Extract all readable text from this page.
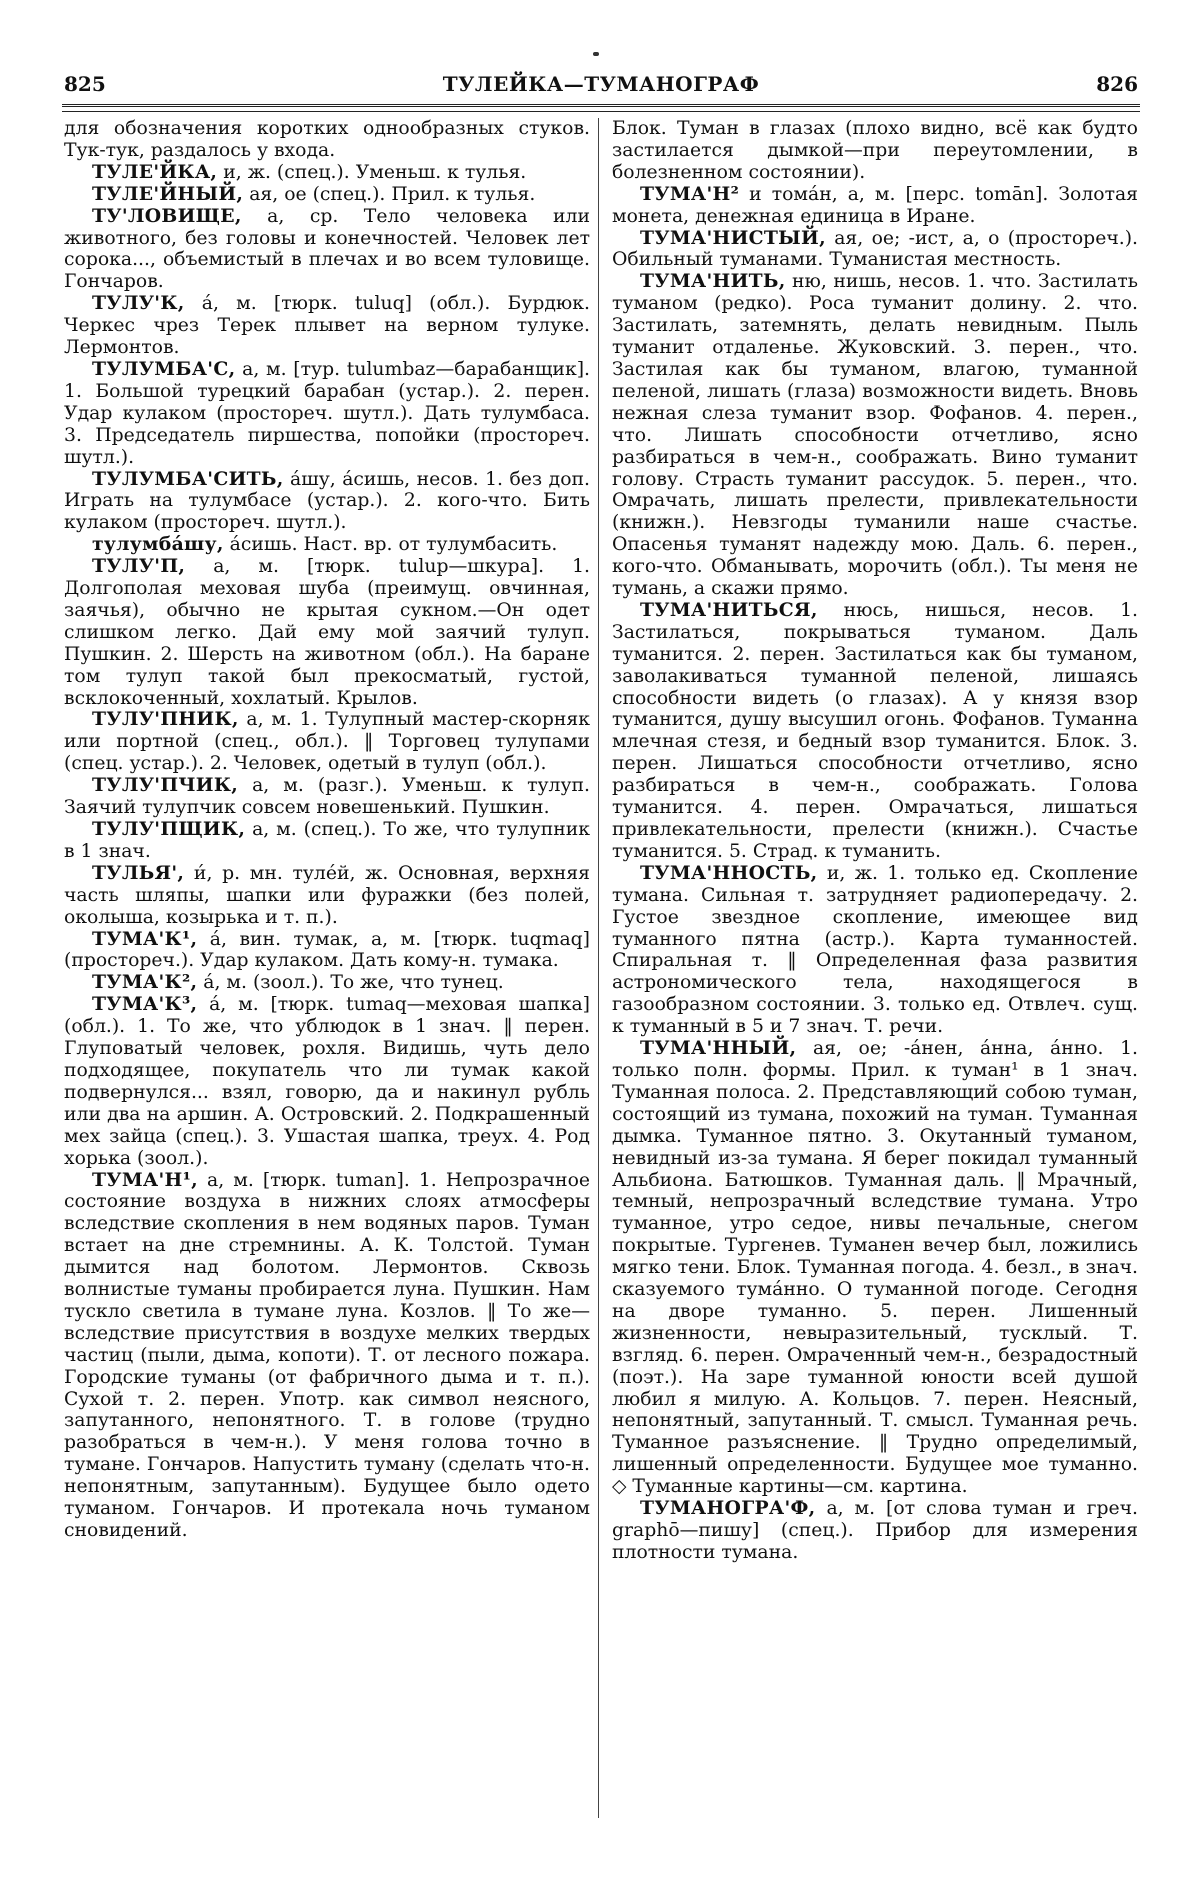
825	ТУЛЕЙКА—ТУМАНОГРАФ	826

для обозначения коротких однообразных стуков. Тук-тук, раздалось у входа.

ТУЛЕ'ЙКА, и, ж. (спец.). Уменьш. к тулья.

ТУЛЕ'ЙНЫЙ, ая, ое (спец.). Прил. к тулья.

ТУ'ЛОВИЩЕ, а, ср. Тело человека или животного, без головы и конечностей. Человек лет сорока..., объемистый в плечах и во всем туловище. Гончаров.

ТУЛУ'К, á, м. [тюрк. tuluq] (обл.). Бурдюк. Черкес чрез Терек плывет на верном тулуке. Лермонтов.

ТУЛУМБА'С, а, м. [тур. tulumbaz—барабанщик]. 1. Большой турецкий барабан (устар.). 2. перен. Удар кулаком (простореч. шутл.). Дать тулумбаса. 3. Председатель пиршества, попойки (простореч. шутл.).

ТУЛУМБА'СИТЬ, áшу, áсишь, несов. 1. без доп. Играть на тулумбасе (устар.). 2. кого-что. Бить кулаком (простореч. шутл.).

тулумбáшу, áсишь. Наст. вр. от тулумбасить.

ТУЛУ'П, а, м. [тюрк. tulup—шкура]. 1. Долгополая меховая шуба (преимущ. овчинная, заячья), обычно не крытая сукном.—Он одет слишком легко. Дай ему мой заячий тулуп. Пушкин. 2. Шерсть на животном (обл.). На баране том тулуп такой был прекосматый, густой, всклокоченный, хохлатый. Крылов.

ТУЛУ'ПНИК, а, м. 1. Тулупный мастер-скорняк или портной (спец., обл.). ‖ Торговец тулупами (спец. устар.). 2. Человек, одетый в тулуп (обл.).

ТУЛУ'ПЧИК, а, м. (разг.). Уменьш. к тулуп. Заячий тулупчик совсем новешенький. Пушкин.

ТУЛУ'ПЩИК, а, м. (спец.). То же, что тулупник в 1 знач.

ТУЛЬЯ', и́, р. мн. тулéй, ж. Основная, верхняя часть шляпы, шапки или фуражки (без полей, околыша, козырька и т. п.).

ТУМА'К¹, á, вин. тумак, а, м. [тюрк. tuqmaq] (простореч.). Удар кулаком. Дать кому-н. тумака.

ТУМА'К², á, м. (зоол.). То же, что тунец.

ТУМА'К³, á, м. [тюрк. tumaq—меховая шапка] (обл.). 1. То же, что ублюдок в 1 знач. ‖ перен. Глуповатый человек, рохля. Видишь, чуть дело подходящее, покупатель что ли тумак какой подвернулся... взял, говорю, да и накинул рубль или два на аршин. А. Островский. 2. Подкрашенный мех зайца (спец.). 3. Ушастая шапка, треух. 4. Род хорька (зоол.).

ТУМА'Н¹, а, м. [тюрк. tuman]. 1. Непрозрачное состояние воздуха в нижних слоях атмосферы вследствие скопления в нем водяных паров. Туман встает на дне стремнины. А. К. Толстой. Туман дымится над болотом. Лермонтов. Сквозь волнистые туманы пробирается луна. Пушкин. Нам тускло светила в тумане луна. Козлов. ‖ То же—вследствие присутствия в воздухе мелких твердых частиц (пыли, дыма, копоти). Т. от лесного пожара. Городские туманы (от фабричного дыма и т. п.). Сухой т. 2. перен. Употр. как символ неясного, запутанного, непонятного. Т. в голове (трудно разобраться в чем-н.). У меня голова точно в тумане. Гончаров. Напустить туману (сделать что-н. непонятным, запутанным). Будущее было одето туманом. Гончаров. И протекала ночь туманом сновидений.

Блок. Туман в глазах (плохо видно, всё как будто застилается дымкой—при переутомлении, в болезненном состоянии).

ТУМА'Н² и томáн, а, м. [перс. tomān]. Золотая монета, денежная единица в Иране.

ТУМА'НИСТЫЙ, ая, ое; -ист, а, о (простореч.). Обильный туманами. Туманистая местность.

ТУМА'НИТЬ, ню, нишь, несов. 1. что. Застилать туманом (редко). Роса туманит долину. 2. что. Застилать, затемнять, делать невидным. Пыль туманит отдаленье. Жуковский. 3. перен., что. Застилая как бы туманом, влагою, туманной пеленой, лишать (глаза) возможности видеть. Вновь нежная слеза туманит взор. Фофанов. 4. перен., что. Лишать способности отчетливо, ясно разбираться в чем-н., соображать. Вино туманит голову. Страсть туманит рассудок. 5. перен., что. Омрачать, лишать прелести, привлекательности (книжн.). Невзгоды туманили наше счастье. Опасенья туманят надежду мою. Даль. 6. перен., кого-что. Обманывать, морочить (обл.). Ты меня не тумань, а скажи прямо.

ТУМА'НИТЬСЯ, нюсь, нишься, несов. 1. Застилаться, покрываться туманом. Даль туманится. 2. перен. Застилаться как бы туманом, заволакиваться туманной пеленой, лишаясь способности видеть (о глазах). А у князя взор туманится, душу высушил огонь. Фофанов. Туманна млечная стезя, и бедный взор туманится. Блок. 3. перен. Лишаться способности отчетливо, ясно разбираться в чем-н., соображать. Голова туманится. 4. перен. Омрачаться, лишаться привлекательности, прелести (книжн.). Счастье туманится. 5. Страд. к туманить.

ТУМА'ННОСТЬ, и, ж. 1. только ед. Скопление тумана. Сильная т. затрудняет радиопередачу. 2. Густое звездное скопление, имеющее вид туманного пятна (астр.). Карта туманностей. Спиральная т. ‖ Определенная фаза развития астрономического тела, находящегося в газообразном состоянии. 3. только ед. Отвлеч. сущ. к туманный в 5 и 7 знач. Т. речи.

ТУМА'ННЫЙ, ая, ое; -áнен, áнна, áнно. 1. только полн. формы. Прил. к туман¹ в 1 знач. Туманная полоса. 2. Представляющий собою туман, состоящий из тумана, похожий на туман. Туманная дымка. Туманное пятно. 3. Окутанный туманом, невидный из-за тумана. Я берег покидал туманный Альбиона. Батюшков. Туманная даль. ‖ Мрачный, темный, непрозрачный вследствие тумана. Утро туманное, утро седое, нивы печальные, снегом покрытые. Тургенев. Туманен вечер был, ложились мягко тени. Блок. Туманная погода. 4. безл., в знач. сказуемого тумáнно. О туманной погоде. Сегодня на дворе туманно. 5. перен. Лишенный жизненности, невыразительный, тусклый. Т. взгляд. 6. перен. Омраченный чем-н., безрадостный (поэт.). На заре туманной юности всей душой любил я милую. А. Кольцов. 7. перен. Неясный, непонятный, запутанный. Т. смысл. Туманная речь. Туманное разъяснение. ‖ Трудно определимый, лишенный определенности. Будущее мое туманно. ◇ Туманные картины—см. картина.

ТУМАНОГРА'Ф, а, м. [от слова туман и греч. graphō—пишу] (спец.). Прибор для измерения плотности тумана.
